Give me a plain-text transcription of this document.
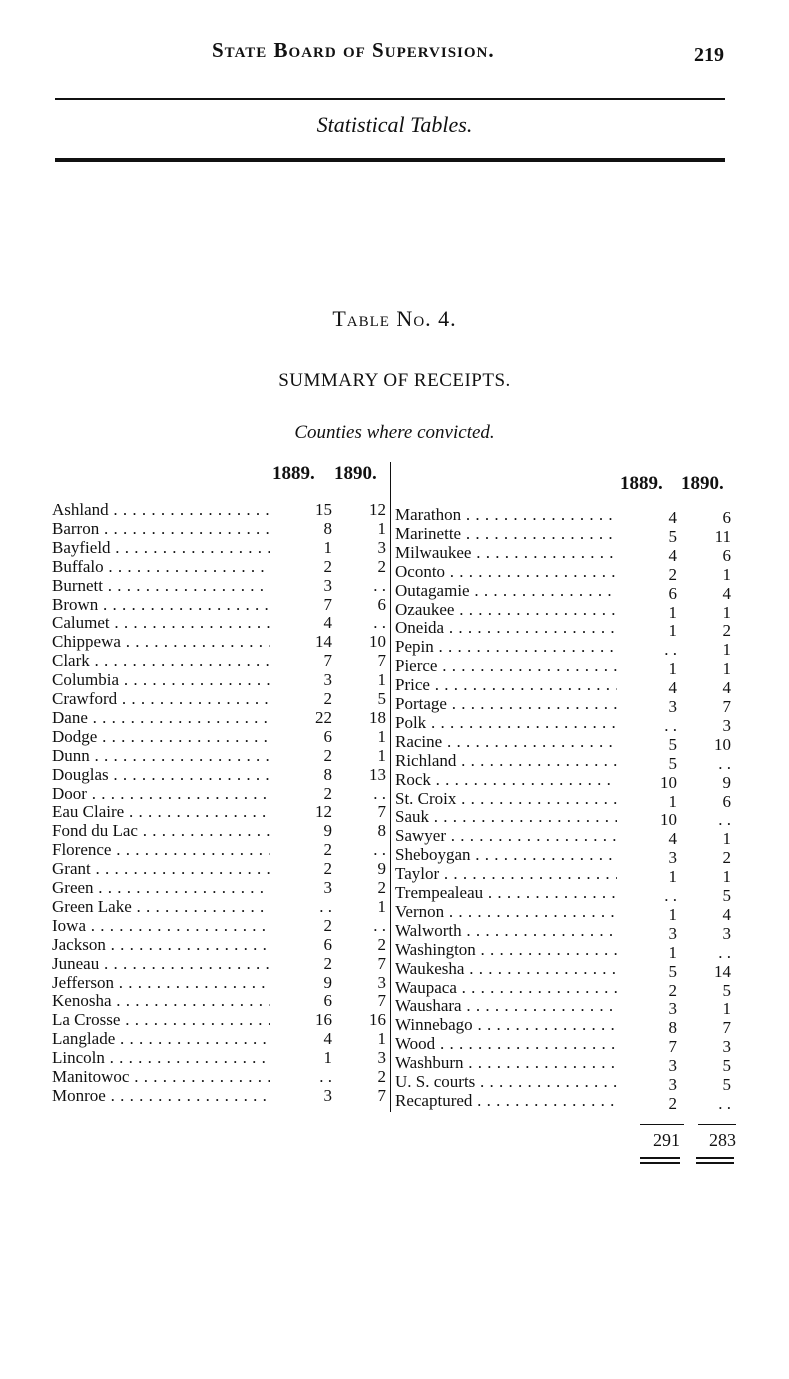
State Board of Supervision.	219
Statistical Tables.
Table No. 4.
SUMMARY OF RECEIPTS.
Counties where convicted.
1889. 1890.	1889. 1890.
Ashland . . .	15	12
Barron . . .	8	1
Bayfield . . .	1	3
Buffalo . . .	2	2
Burnett . . .	3	. .
Brown . . .	7	6
Calumet . . .	4	. .
Chippewa . . .	14	10
Clark . . .	7	7
Columbia . . .	3	1
Crawford . . .	2	5
Dane . . .	22	18
Dodge . . .	6	1
Dunn . . .	2	1
Douglas . . .	8	13
Door . . .	2	. .
Eau Claire . . .	12	7
Fond du Lac . . .	9	8
Florence . . .	2	. .
Grant . . .	2	9
Green . . .	3	2
Green Lake . . .	. .	1
Iowa . . .	2	. .
Jackson . . .	6	2
Juneau . . .	2	7
Jefferson . . .	9	3
Kenosha . . .	6	7
La Crosse . . .	16	16
Langlade . . .	4	1
Lincoln . . .	1	3
Manitowoc . . .	. .	2
Monroe . . .	3	7
Marathon . . .	4	6
Marinette . . .	5	11
Milwaukee . . .	4	6
Oconto . . .	2	1
Outagamie . . .	6	4
Ozaukee . . .	1	1
Oneida . . .	1	2
Pepin . . .	. .	1
Pierce . . .	1	1
Price . . .	4	4
Portage . . .	3	7
Polk . . .	. .	3
Racine . . .	5	10
Richland . . .	5	. .
Rock . . .	10	9
St. Croix . . .	1	6
Sauk . . .	10	. .
Sawyer . . .	4	1
Sheboygan . . .	3	2
Taylor . . .	1	1
Trempealeau . . .	. .	5
Vernon . . .	1	4
Walworth . . .	3	3
Washington . . .	1	. .
Waukesha . . .	5	14
Waupaca . . .	2	5
Waushara . . .	3	1
Winnebago . . .	8	7
Wood . . .	7	3
Washburn . . .	3	5
U. S. courts . . .	3	5
Recaptured . . .	2	. .
291	283
